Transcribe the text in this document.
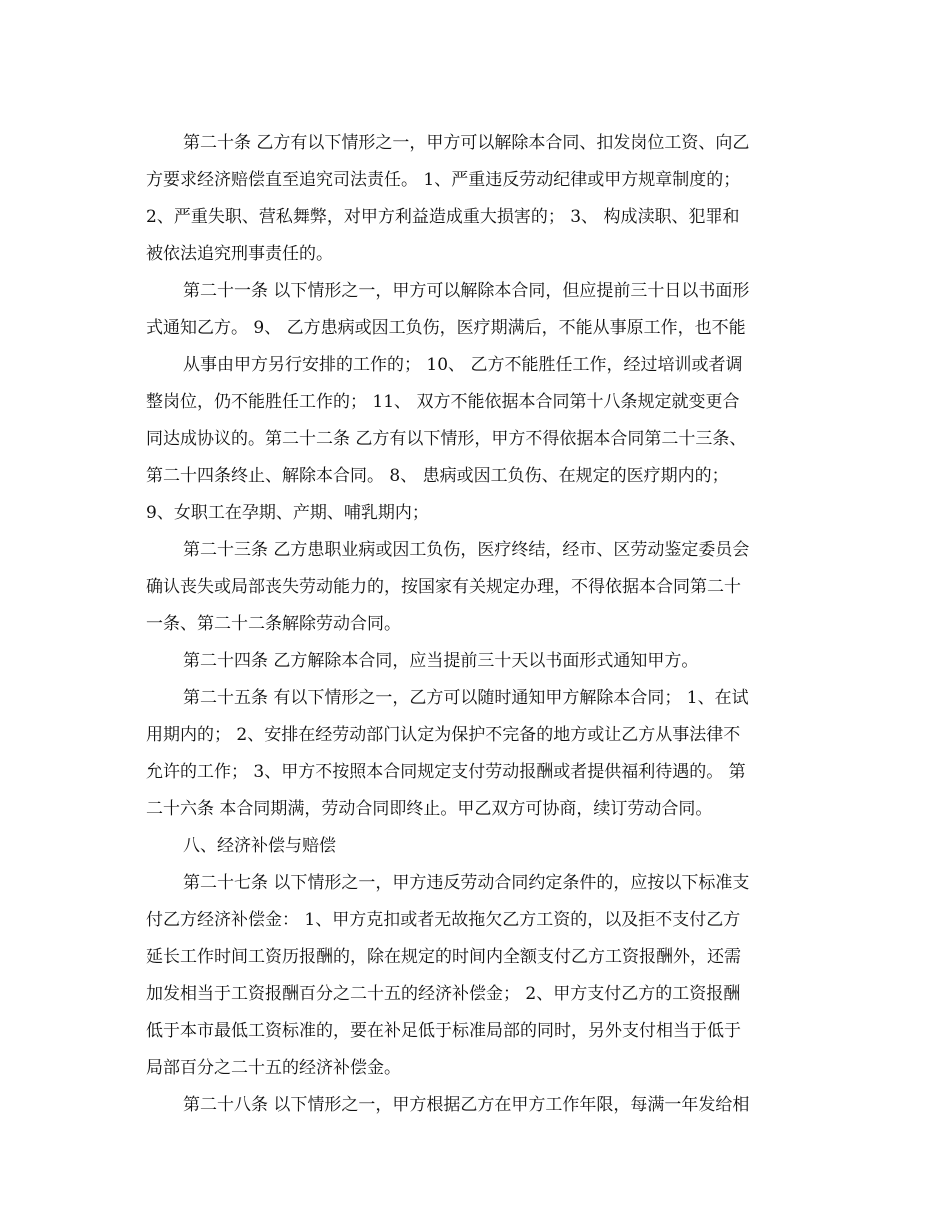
第二十条 乙方有以下情形之一，甲方可以解除本合同、扣发岗位工资、向乙
方要求经济赔偿直至追究司法责任。 1、严重违反劳动纪律或甲方规章制度的；
2、严重失职、营私舞弊，对甲方利益造成重大损害的； 3、 构成渎职、犯罪和
被依法追究刑事责任的。
第二十一条 以下情形之一，甲方可以解除本合同，但应提前三十日以书面形
式通知乙方。 9、 乙方患病或因工负伤，医疗期满后，不能从事原工作，也不能
从事由甲方另行安排的工作的； 10、 乙方不能胜任工作，经过培训或者调
整岗位，仍不能胜任工作的； 11、 双方不能依据本合同第十八条规定就变更合
同达成协议的。第二十二条 乙方有以下情形，甲方不得依据本合同第二十三条、
第二十四条终止、解除本合同。 8、 患病或因工负伤、在规定的医疗期内的；
9、女职工在孕期、产期、哺乳期内；
第二十三条 乙方患职业病或因工负伤，医疗终结，经市、区劳动鉴定委员会
确认丧失或局部丧失劳动能力的，按国家有关规定办理，不得依据本合同第二十
一条、第二十二条解除劳动合同。
第二十四条 乙方解除本合同，应当提前三十天以书面形式通知甲方。
第二十五条 有以下情形之一，乙方可以随时通知甲方解除本合同； 1、在试
用期内的； 2、安排在经劳动部门认定为保护不完备的地方或让乙方从事法律不
允许的工作； 3、甲方不按照本合同规定支付劳动报酬或者提供福利待遇的。 第
二十六条 本合同期满，劳动合同即终止。甲乙双方可协商，续订劳动合同。
八、经济补偿与赔偿
第二十七条 以下情形之一，甲方违反劳动合同约定条件的，应按以下标准支
付乙方经济补偿金： 1、甲方克扣或者无故拖欠乙方工资的，以及拒不支付乙方
延长工作时间工资历报酬的，除在规定的时间内全额支付乙方工资报酬外，还需
加发相当于工资报酬百分之二十五的经济补偿金； 2、甲方支付乙方的工资报酬
低于本市最低工资标准的，要在补足低于标准局部的同时，另外支付相当于低于
局部百分之二十五的经济补偿金。
第二十八条 以下情形之一，甲方根据乙方在甲方工作年限，每满一年发给相
